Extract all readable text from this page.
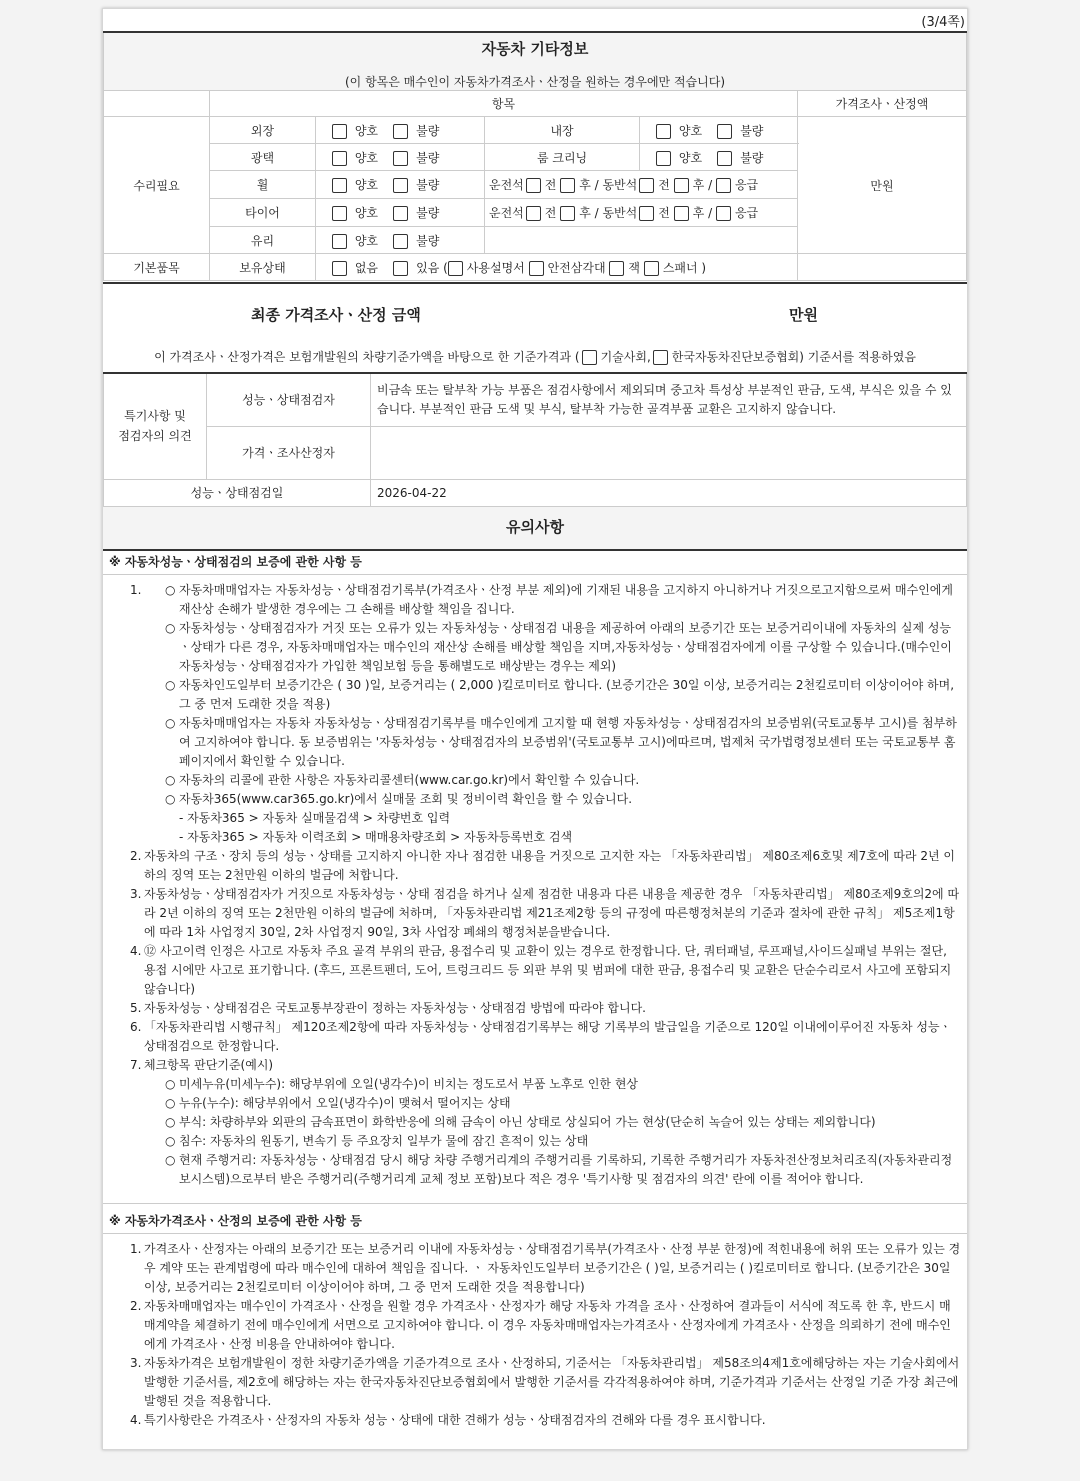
(3/4쪽)
자동차 기타정보
(이 항목은 매수인이 자동차가격조사ㆍ산정을 원하는 경우에만 적습니다)					

	항목				가격조사ㆍ산정액
수리필요	외장	양호 불량	내장	양호 불량	만원
	광택	양호 불량	룸 크리닝	양호 불량	
	휠	양호 불량	운전석 전 후 / 동반석 전 후 / 응급		
	타이어	양호 불량	운전석 전 후 / 동반석 전 후 / 응급		
	유리	양호 불량			
기본품목	보유상태	없음 있음 ( 사용설명서 안전삼각대 잭 스패너 )			
최종 가격조사ㆍ산정 금액	만원
이 가격조사ㆍ산정가격은 보험개발원의 차량기준가액을 바탕으로 한 기준가격과 ( 기술사회, 한국자동차진단보증협회) 기준서를 적용하였음
특기사항 및
점검자의 의견	성능ㆍ상태점검자	비금속 또는 탈부착 가능 부품은 점검사항에서 제외되며 중고차 특성상 부분적인 판금, 도색, 부식은 있을 수 있습니다. 부분적인 판금 도색 및 부식, 탈부착 가능한 골격부품 교환은 고지하지 않습니다.
	가격ㆍ조사산정자	
성능ㆍ상태점검일		2026-04-22
유의사항
※ 자동차성능ㆍ상태점검의 보증에 관한 사항 등
1. ○ 자동차매매업자는 자동차성능ㆍ상태점검기록부(가격조사ㆍ산정 부분 제외)에 기재된 내용을 고지하지 아니하거나 거짓으로고지함으로써 매수인에게 재산상 손해가 발생한 경우에는 그 손해를 배상할 책임을 집니다.
○ 자동차성능ㆍ상태점검자가 거짓 또는 오류가 있는 자동차성능ㆍ상태점검 내용을 제공하여 아래의 보증기간 또는 보증거리이내에 자동차의 실제 성능ㆍ상태가 다른 경우, 자동차매매업자는 매수인의 재산상 손해를 배상할 책임을 지며,자동차성능ㆍ상태점검자에게 이를 구상할 수 있습니다.(매수인이 자동차성능ㆍ상태점검자가 가입한 책임보험 등을 통해별도로 배상받는 경우는 제외)
○ 자동차인도일부터 보증기간은 ( 30 )일, 보증거리는 ( 2,000 )킬로미터로 합니다. (보증기간은 30일 이상, 보증거리는 2천킬로미터 이상이어야 하며, 그 중 먼저 도래한 것을 적용)
○ 자동차매매업자는 자동차 자동차성능ㆍ상태점검기록부를 매수인에게 고지할 때 현행 자동차성능ㆍ상태점검자의 보증범위(국토교통부 고시)를 첨부하여 고지하여야 합니다. 동 보증범위는 '자동차성능ㆍ상태점검자의 보증범위'(국토교통부 고시)에따르며, 법제처 국가법령정보센터 또는 국토교통부 홈페이지에서 확인할 수 있습니다.
○ 자동차의 리콜에 관한 사항은 자동차리콜센터(www.car.go.kr)에서 확인할 수 있습니다.
○ 자동차365(www.car365.go.kr)에서 실매물 조회 및 정비이력 확인을 할 수 있습니다.
- 자동차365 > 자동차 실매물검색 > 차량번호 입력
- 자동차365 > 자동차 이력조회 > 매매용차량조회 > 자동차등록번호 검색
2. 자동차의 구조ㆍ장치 등의 성능ㆍ상태를 고지하지 아니한 자나 점검한 내용을 거짓으로 고지한 자는 「자동차관리법」 제80조제6호및 제7호에 따라 2년 이하의 징역 또는 2천만원 이하의 벌금에 처합니다.
3. 자동차성능ㆍ상태점검자가 거짓으로 자동차성능ㆍ상태 점검을 하거나 실제 점검한 내용과 다른 내용을 제공한 경우 「자동차관리법」 제80조제9호의2에 따라 2년 이하의 징역 또는 2천만원 이하의 벌금에 처하며, 「자동차관리법 제21조제2항 등의 규정에 따른행정처분의 기준과 절차에 관한 규칙」 제5조제1항에 따라 1차 사업정지 30일, 2차 사업정지 90일, 3차 사업장 폐쇄의 행정처분을받습니다.
4. ⑫ 사고이력 인정은 사고로 자동차 주요 골격 부위의 판금, 용접수리 및 교환이 있는 경우로 한정합니다. 단, 쿼터패널, 루프패널,사이드실패널 부위는 절단, 용접 시에만 사고로 표기합니다. (후드, 프론트펜더, 도어, 트렁크리드 등 외판 부위 및 범퍼에 대한 판금, 용접수리 및 교환은 단순수리로서 사고에 포함되지않습니다)
5. 자동차성능ㆍ상태점검은 국토교통부장관이 정하는 자동차성능ㆍ상태점검 방법에 따라야 합니다.
6. 「자동차관리법 시행규칙」 제120조제2항에 따라 자동차성능ㆍ상태점검기록부는 해당 기록부의 발급일을 기준으로 120일 이내에이루어진 자동차 성능ㆍ상태점검으로 한정합니다.
7. 체크항목 판단기준(예시)
○ 미세누유(미세누수): 해당부위에 오일(냉각수)이 비치는 정도로서 부품 노후로 인한 현상
○ 누유(누수): 해당부위에서 오일(냉각수)이 맺혀서 떨어지는 상태
○ 부식: 차량하부와 외판의 금속표면이 화학반응에 의해 금속이 아닌 상태로 상실되어 가는 현상(단순히 녹슬어 있는 상태는 제외합니다)
○ 침수: 자동차의 원동기, 변속기 등 주요장치 일부가 물에 잠긴 흔적이 있는 상태
○ 현재 주행거리: 자동차성능ㆍ상태점검 당시 해당 차량 주행거리계의 주행거리를 기록하되, 기록한 주행거리가 자동차전산정보처리조직(자동차관리정보시스템)으로부터 받은 주행거리(주행거리계 교체 정보 포함)보다 적은 경우 '특기사항 및 점검자의 의견' 란에 이를 적어야 합니다.
※ 자동차가격조사ㆍ산정의 보증에 관한 사항 등
1. 가격조사ㆍ산정자는 아래의 보증기간 또는 보증거리 이내에 자동차성능ㆍ상태점검기록부(가격조사ㆍ산정 부분 한정)에 적힌내용에 허위 또는 오류가 있는 경우 계약 또는 관계법령에 따라 매수인에 대하여 책임을 집니다. ㆍ 자동차인도일부터 보증기간은 ( )일, 보증거리는 ( )킬로미터로 합니다. (보증기간은 30일 이상, 보증거리는 2천킬로미터 이상이어야 하며, 그 중 먼저 도래한 것을 적용합니다)
2. 자동차매매업자는 매수인이 가격조사ㆍ산정을 원할 경우 가격조사ㆍ산정자가 해당 자동차 가격을 조사ㆍ산정하여 결과들이 서식에 적도록 한 후, 반드시 매매계약을 체결하기 전에 매수인에게 서면으로 고지하여야 합니다. 이 경우 자동차매매업자는가격조사ㆍ산정자에게 가격조사ㆍ산정을 의뢰하기 전에 매수인에게 가격조사ㆍ산정 비용을 안내하여야 합니다.
3. 자동차가격은 보험개발원이 정한 차량기준가액을 기준가격으로 조사ㆍ산정하되, 기준서는 「자동차관리법」 제58조의4제1호에해당하는 자는 기술사회에서 발행한 기준서를, 제2호에 해당하는 자는 한국자동차진단보증협회에서 발행한 기준서를 각각적용하여야 하며, 기준가격과 기준서는 산정일 기준 가장 최근에 발행된 것을 적용합니다.
4. 특기사항란은 가격조사ㆍ산정자의 자동차 성능ㆍ상태에 대한 견해가 성능ㆍ상태점검자의 견해와 다를 경우 표시합니다.
